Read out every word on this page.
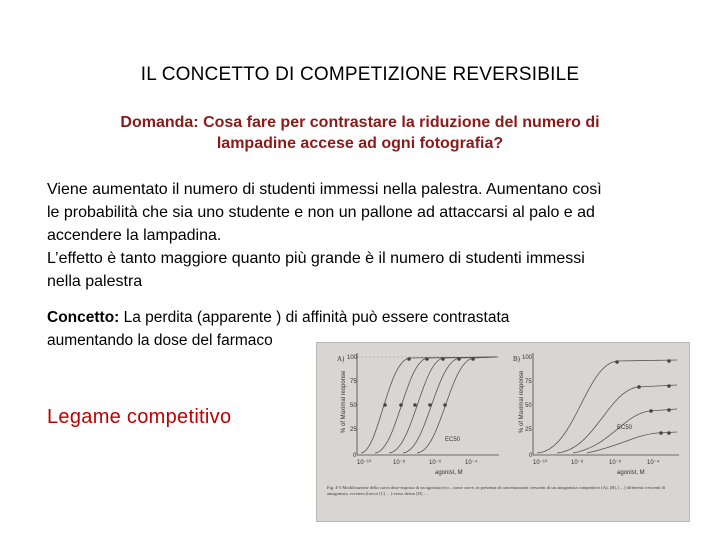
IL CONCETTO DI COMPETIZIONE REVERSIBILE
Domanda: Cosa fare per contrastare la riduzione del numero di
lampadine accese ad ogni fotografia?

Viene aumentato il numero di studenti immessi nella palestra. Aumentano così

le probabilità che sia uno studente e non un pallone ad attaccarsi al palo e ad

accendere la lampadina.

L’effetto è tanto maggiore quanto più grande è il numero di studenti immessi

nella palestra

Concetto: La perdita (apparente ) di affinità può essere contrastata
aumentando la dose del farmaco
Legame competitivo
A)
% of Maximal response
100
75
50
25
0
EC50
10⁻¹⁰	10⁻⁸	10⁻⁶	10⁻⁴
agonist, M
B)
% of Maximal response
100
75
50
25
0
EC50
10⁻¹⁰	10⁻⁸	10⁻⁶	10⁻⁴
agonist, M
Fig. 4-5 Modificazione della curva dose-risposta di un agonista (ecc., come curve, in presenza di concentrazioni crescenti di un antagonista competitivo (A), (B), […] differenti crescenti di antagonista, eccetera (frecce [C] …) verso destra [D] …
